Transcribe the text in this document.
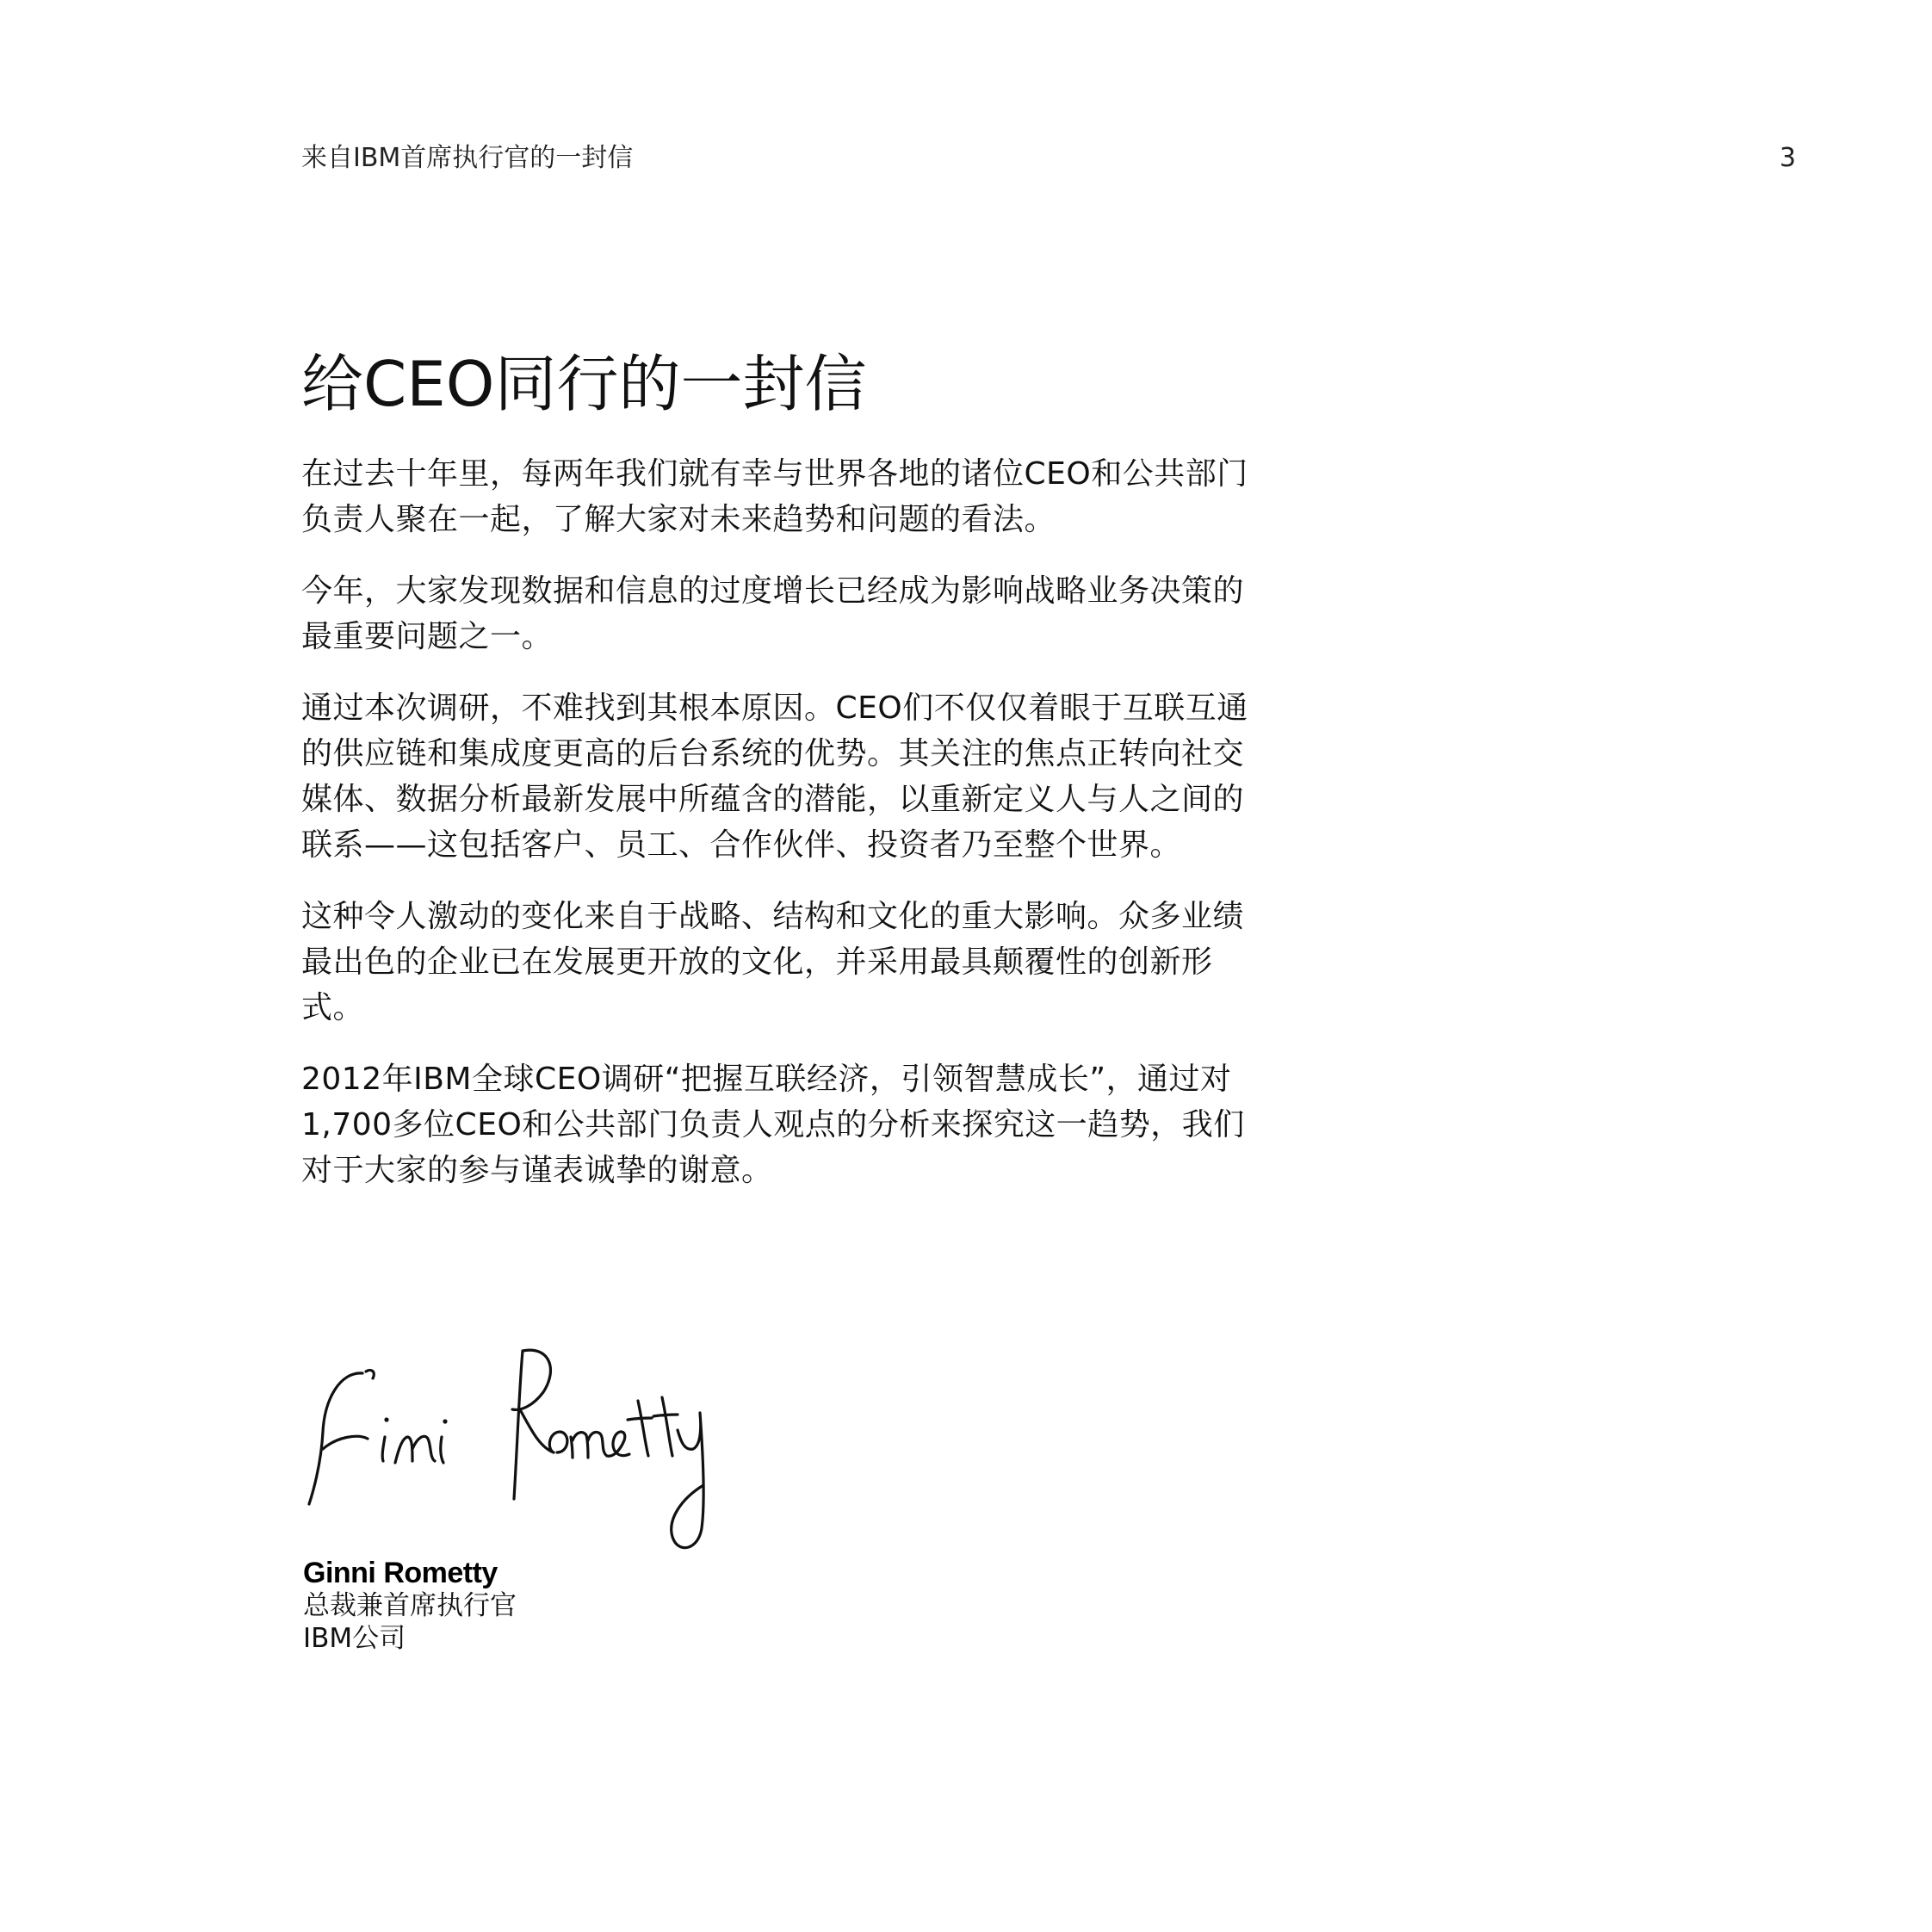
来自IBM首席执行官的一封信	3
给CEO同行的一封信

在过去十年里，每两年我们就有幸与世界各地的诸位CEO和公共部门负责人聚在一起，了解大家对未来趋势和问题的看法。

今年，大家发现数据和信息的过度增长已经成为影响战略业务决策的最重要问题之一。

通过本次调研，不难找到其根本原因。CEO们不仅仅着眼于互联互通的供应链和集成度更高的后台系统的优势。其关注的焦点正转向社交媒体、数据分析最新发展中所蕴含的潜能，以重新定义人与人之间的联系——这包括客户、员工、合作伙伴、投资者乃至整个世界。

这种令人激动的变化来自于战略、结构和文化的重大影响。众多业绩最出色的企业已在发展更开放的文化，并采用最具颠覆性的创新形式。

2012年IBM全球CEO调研“把握互联经济，引领智慧成长”，通过对1,700多位CEO和公共部门负责人观点的分析来探究这一趋势，我们对于大家的参与谨表诚挚的谢意。

Ginni Rometty
总裁兼首席执行官
IBM公司
